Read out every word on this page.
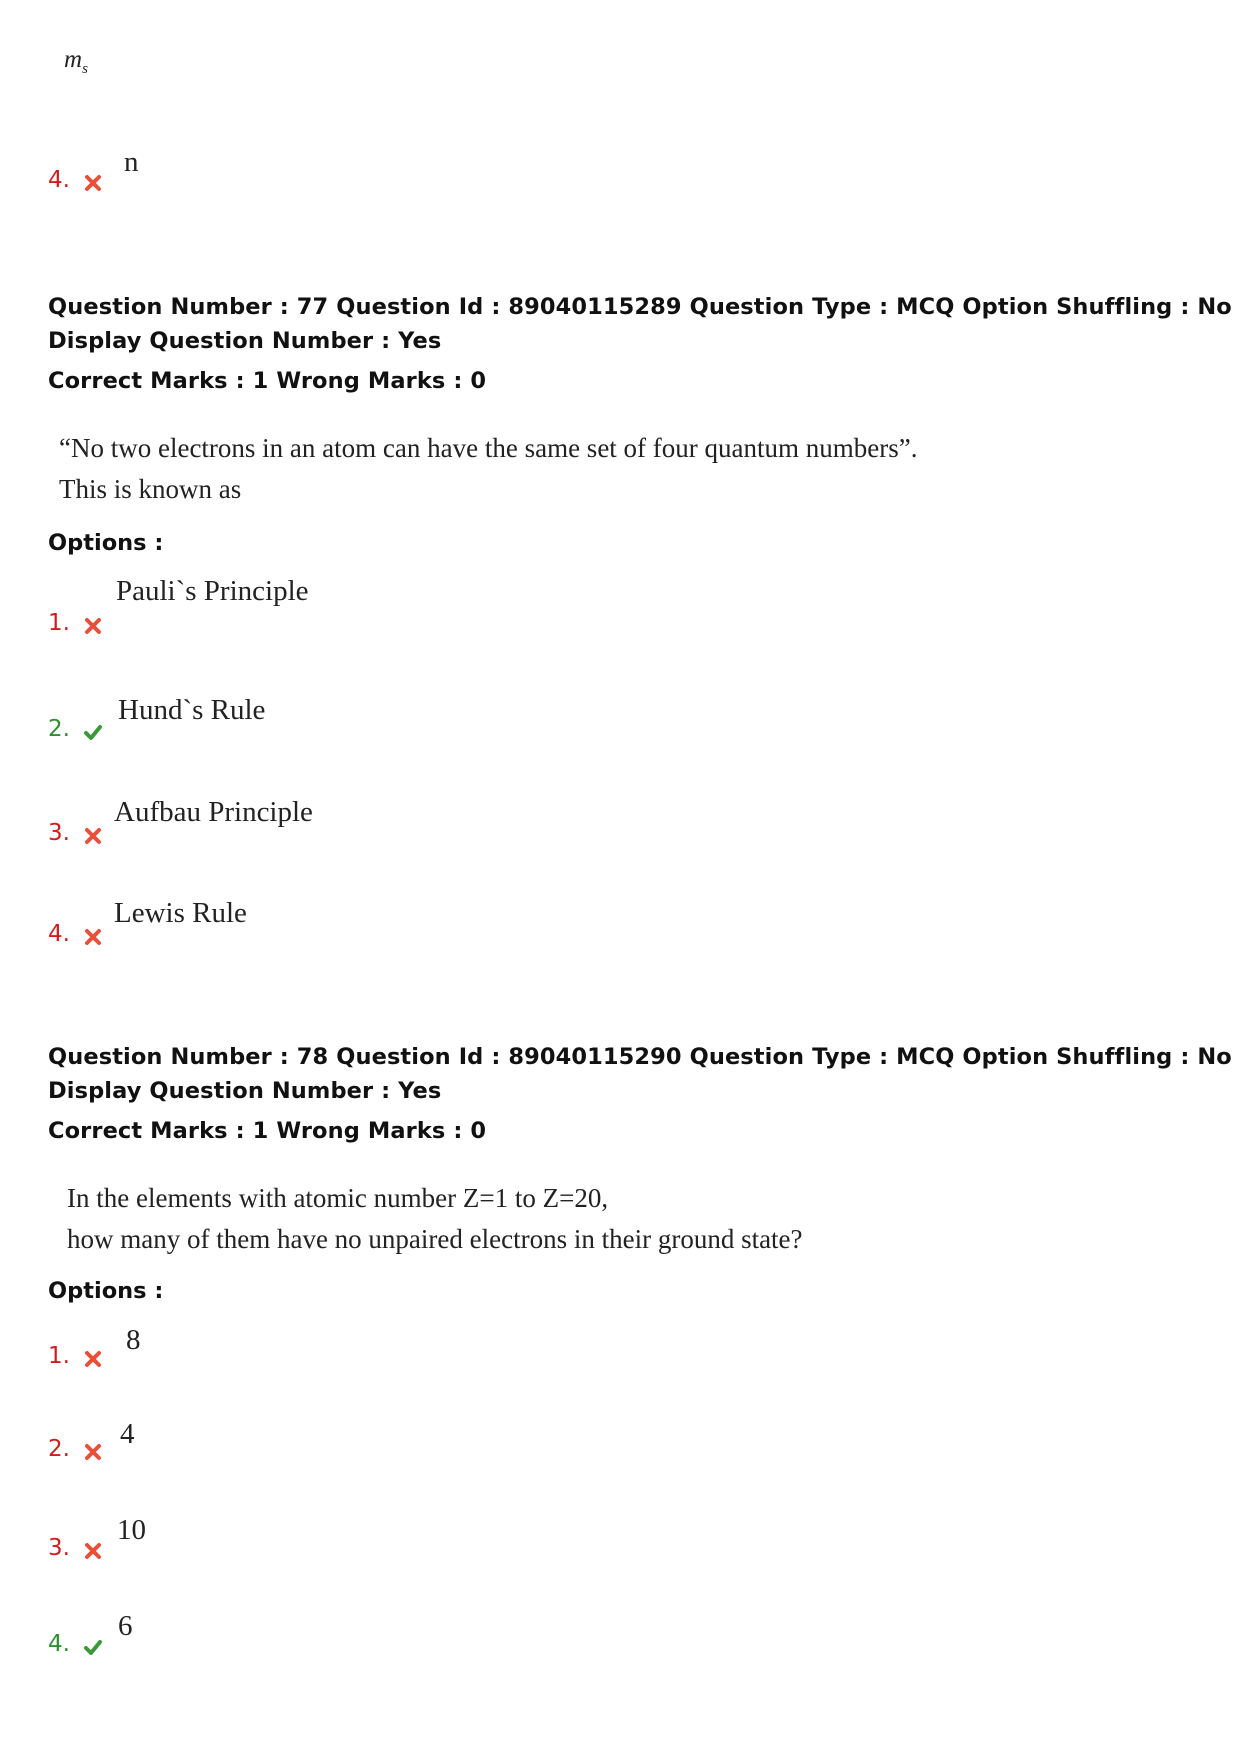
$m_s$
4.
n
Question Number : 77 Question Id : 89040115289 Question Type : MCQ Option Shuffling : No
Display Question Number : Yes
Correct Marks : 1 Wrong Marks : 0
“No two electrons in an atom can have the same set of four quantum numbers”.
This is known as
Options :
1.
Pauli`s Principle
2.
Hund`s Rule
3.
Aufbau Principle
4.
Lewis Rule
Question Number : 78 Question Id : 89040115290 Question Type : MCQ Option Shuffling : No
Display Question Number : Yes
Correct Marks : 1 Wrong Marks : 0
In the elements with atomic number Z=1 to Z=20,
how many of them have no unpaired electrons in their ground state?
Options :
1.	8
2.	4
3.
10
4.
6
